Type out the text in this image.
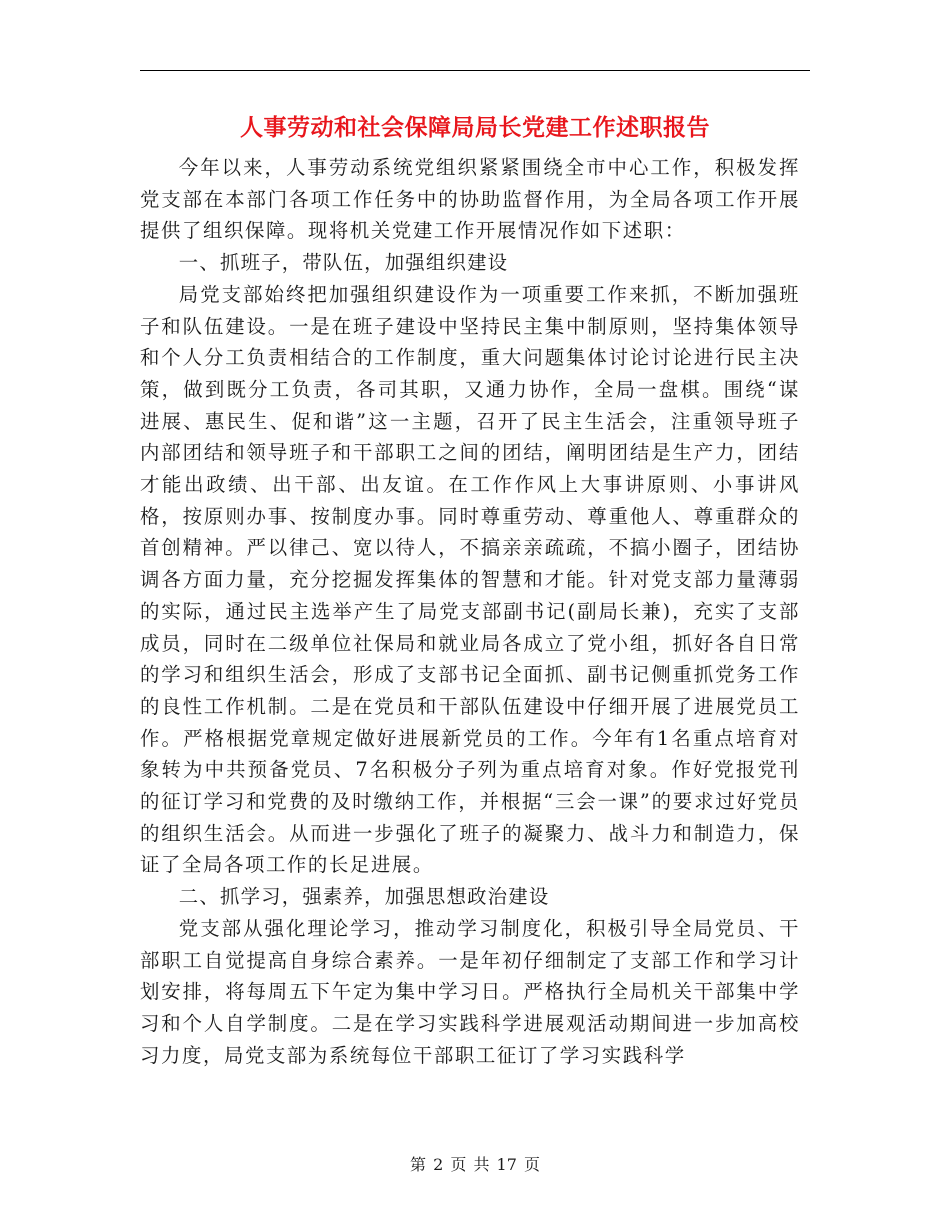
人事劳动和社会保障局局长党建工作述职报告

今年以来，人事劳动系统党组织紧紧围绕全市中心工作，积极发挥党支部在本部门各项工作任务中的协助监督作用，为全局各项工作开展提供了组织保障。现将机关党建工作开展情况作如下述职：

一、抓班子，带队伍，加强组织建设

局党支部始终把加强组织建设作为一项重要工作来抓，不断加强班子和队伍建设。一是在班子建设中坚持民主集中制原则，坚持集体领导和个人分工负责相结合的工作制度，重大问题集体讨论讨论进行民主决策，做到既分工负责，各司其职，又通力协作，全局一盘棋。围绕“谋进展、惠民生、促和谐”这一主题，召开了民主生活会，注重领导班子内部团结和领导班子和干部职工之间的团结，阐明团结是生产力，团结才能出政绩、出干部、出友谊。在工作作风上大事讲原则、小事讲风格，按原则办事、按制度办事。同时尊重劳动、尊重他人、尊重群众的首创精神。严以律己、宽以待人，不搞亲亲疏疏，不搞小圈子，团结协调各方面力量，充分挖掘发挥集体的智慧和才能。针对党支部力量薄弱的实际，通过民主选举产生了局党支部副书记(副局长兼)，充实了支部成员，同时在二级单位社保局和就业局各成立了党小组，抓好各自日常的学习和组织生活会，形成了支部书记全面抓、副书记侧重抓党务工作的良性工作机制。二是在党员和干部队伍建设中仔细开展了进展党员工作。严格根据党章规定做好进展新党员的工作。今年有1名重点培育对象转为中共预备党员、7名积极分子列为重点培育对象。作好党报党刊的征订学习和党费的及时缴纳工作，并根据“三会一课”的要求过好党员的组织生活会。从而进一步强化了班子的凝聚力、战斗力和制造力，保证了全局各项工作的长足进展。

二、抓学习，强素养，加强思想政治建设

党支部从强化理论学习，推动学习制度化，积极引导全局党员、干部职工自觉提高自身综合素养。一是年初仔细制定了支部工作和学习计划安排，将每周五下午定为集中学习日。严格执行全局机关干部集中学习和个人自学制度。二是在学习实践科学进展观活动期间进一步加高校习力度，局党支部为系统每位干部职工征订了学习实践科学

第 2 页 共 17 页
